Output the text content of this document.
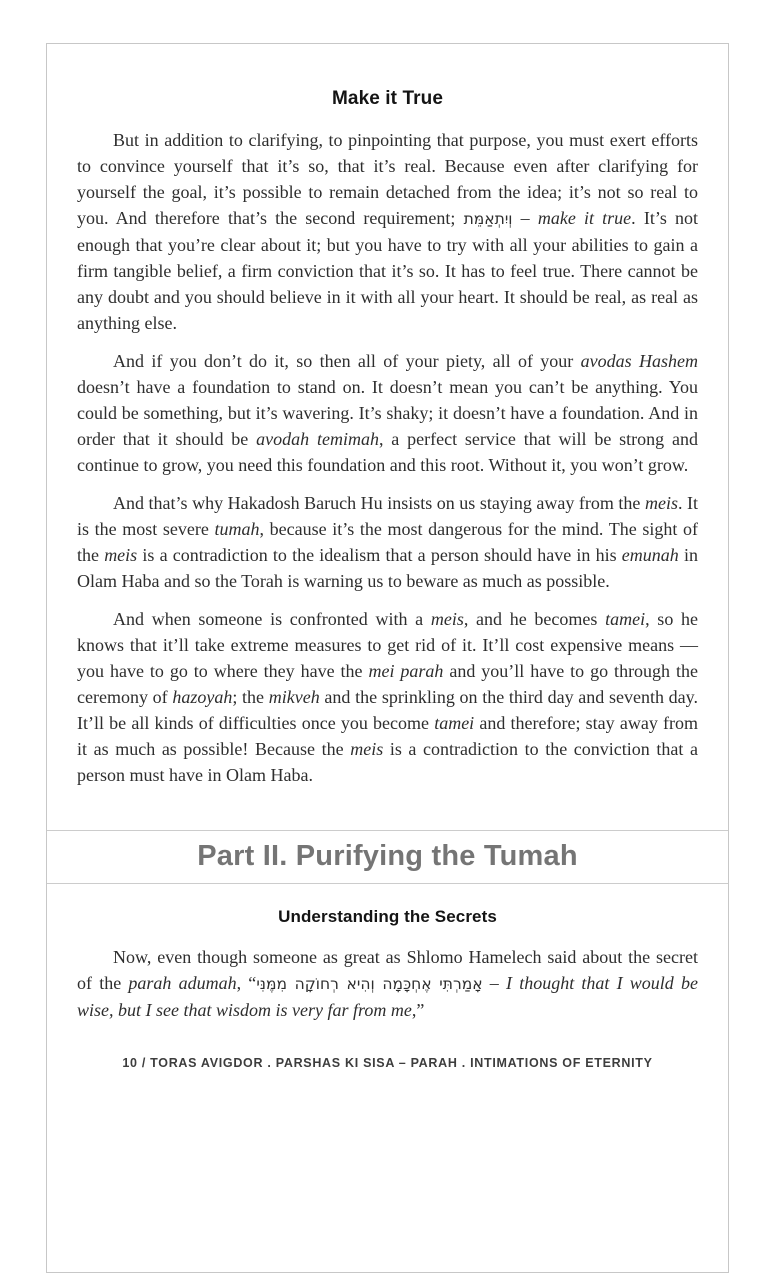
Make it True

But in addition to clarifying, to pinpointing that purpose, you must exert efforts to convince yourself that it’s so, that it’s real. Because even after clarifying for yourself the goal, it’s possible to remain detached from the idea; it’s not so real to you. And therefore that’s the second requirement; וְיִתְאַמֵּת – make it true. It’s not enough that you’re clear about it; but you have to try with all your abilities to gain a firm tangible belief, a firm conviction that it’s so. It has to feel true. There cannot be any doubt and you should believe in it with all your heart. It should be real, as real as anything else.

And if you don’t do it, so then all of your piety, all of your avodas Hashem doesn’t have a foundation to stand on. It doesn’t mean you can’t be anything. You could be something, but it’s wavering. It’s shaky; it doesn’t have a foundation. And in order that it should be avodah temimah, a perfect service that will be strong and continue to grow, you need this foundation and this root. Without it, you won’t grow.

And that’s why Hakadosh Baruch Hu insists on us staying away from the meis. It is the most severe tumah, because it’s the most dangerous for the mind. The sight of the meis is a contradiction to the idealism that a person should have in his emunah in Olam Haba and so the Torah is warning us to beware as much as possible.

And when someone is confronted with a meis, and he becomes tamei, so he knows that it’ll take extreme measures to get rid of it. It’ll cost expensive means — you have to go to where they have the mei parah and you’ll have to go through the ceremony of hazoyah; the mikveh and the sprinkling on the third day and seventh day. It’ll be all kinds of difficulties once you become tamei and therefore; stay away from it as much as possible! Because the meis is a contradiction to the conviction that a person must have in Olam Haba.

Part II. Purifying the Tumah
Understanding the Secrets

Now, even though someone as great as Shlomo Hamelech said about the secret of the parah adumah, “אָמַרְתִּי אֶחְכָּמָה וְהִיא רְחוֹקָה מִמֶּנִּי – I thought that I would be wise, but I see that wisdom is very far from me,”

10 / TORAS AVIGDOR . PARSHAS KI SISA – PARAH . INTIMATIONS OF ETERNITY
